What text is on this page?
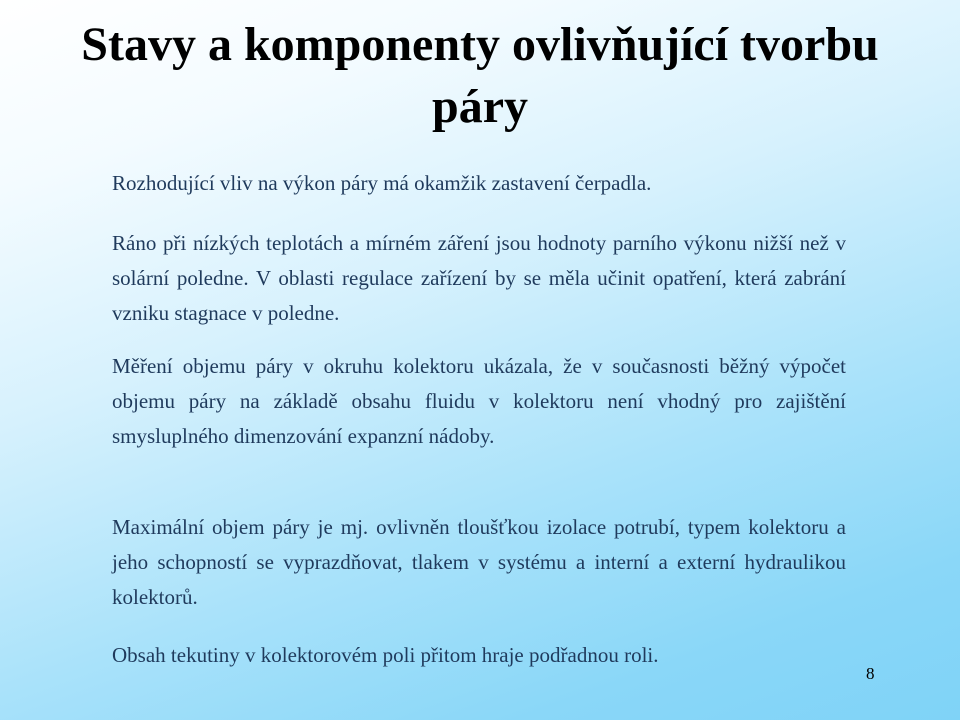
Stavy a komponenty ovlivňující tvorbu páry

Rozhodující vliv na výkon páry má okamžik zastavení čerpadla.

Ráno při nízkých teplotách a mírném záření jsou hodnoty parního výkonu nižší než v solární poledne. V oblasti regulace zařízení by se měla učinit opatření, která zabrání vzniku stagnace v poledne.

Měření objemu páry v okruhu kolektoru ukázala, že v současnosti běžný výpočet objemu páry na základě obsahu fluidu v kolektoru není vhodný pro zajištění smysluplného dimenzování expanzní nádoby.

Maximální objem páry je mj. ovlivněn tloušťkou izolace potrubí, typem kolektoru a jeho schopností se vyprazdňovat, tlakem v systému a interní a externí hydraulikou kolektorů.

Obsah tekutiny v kolektorovém poli přitom hraje podřadnou roli.

8
